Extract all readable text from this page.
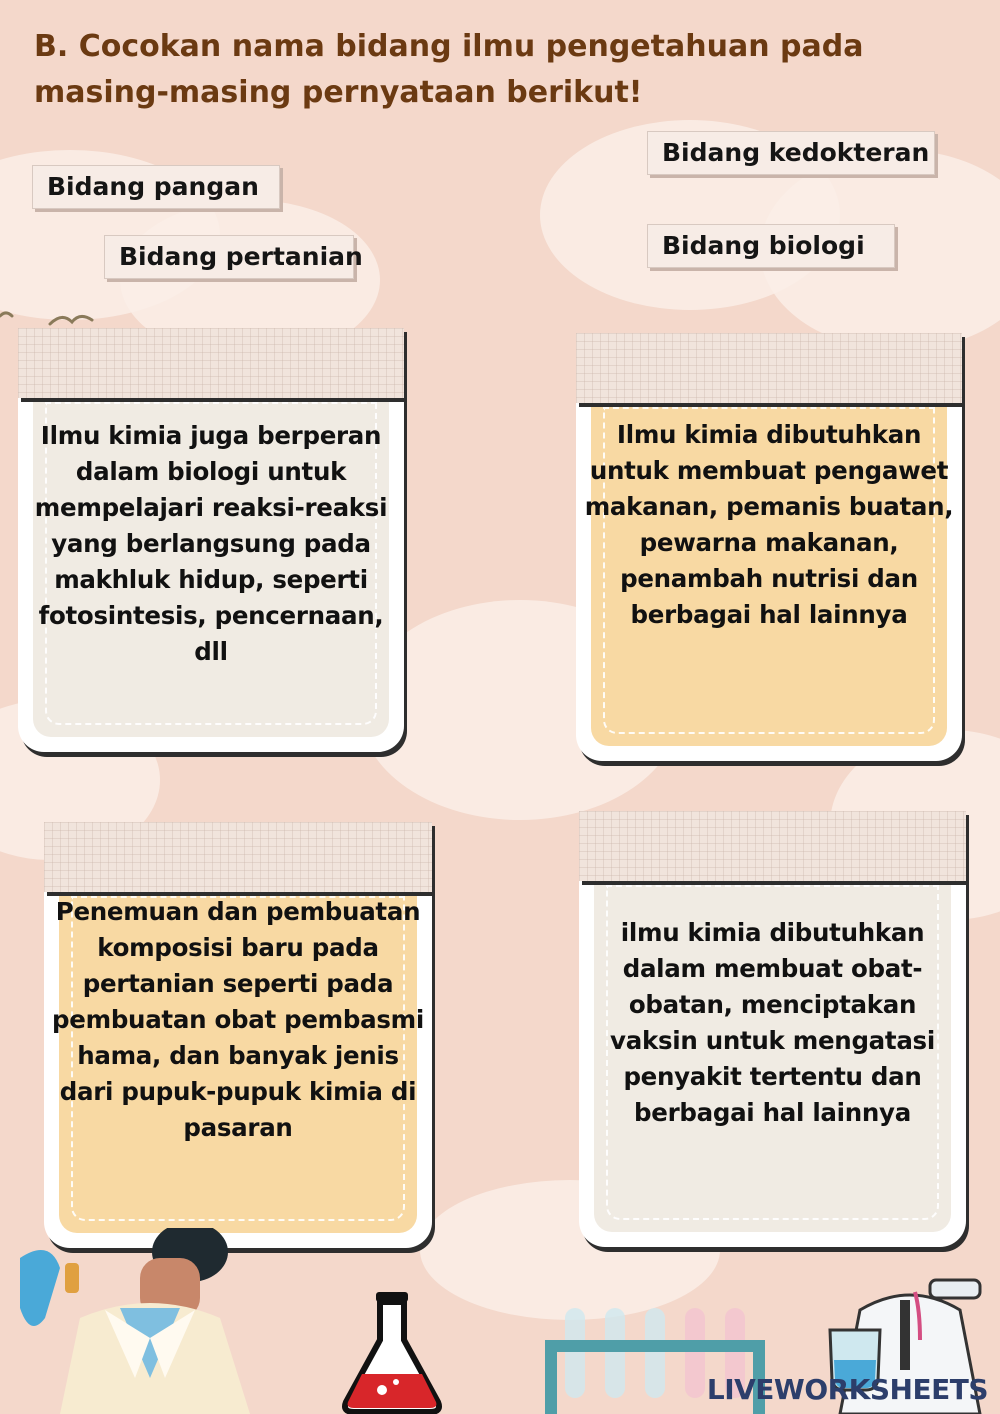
B. Cocokan nama bidang ilmu pengetahuan pada masing-masing pernyataan berikut!
Bidang pangan
Bidang pertanian
Bidang kedokteran
Bidang biologi

Ilmu kimia juga berperan dalam biologi untuk mempelajari reaksi-reaksi yang berlangsung pada makhluk hidup, seperti fotosintesis, pencernaan, dll

Ilmu kimia dibutuhkan untuk membuat pengawet makanan, pemanis buatan, pewarna makanan, penambah nutrisi dan berbagai hal lainnya

Penemuan dan pembuatan komposisi baru pada pertanian seperti pada pembuatan obat pembasmi hama, dan banyak jenis dari pupuk-pupuk kimia di pasaran

ilmu kimia dibutuhkan dalam membuat obat-obatan, menciptakan vaksin untuk mengatasi penyakit tertentu dan berbagai hal lainnya

LIVEWORKSHEETS
